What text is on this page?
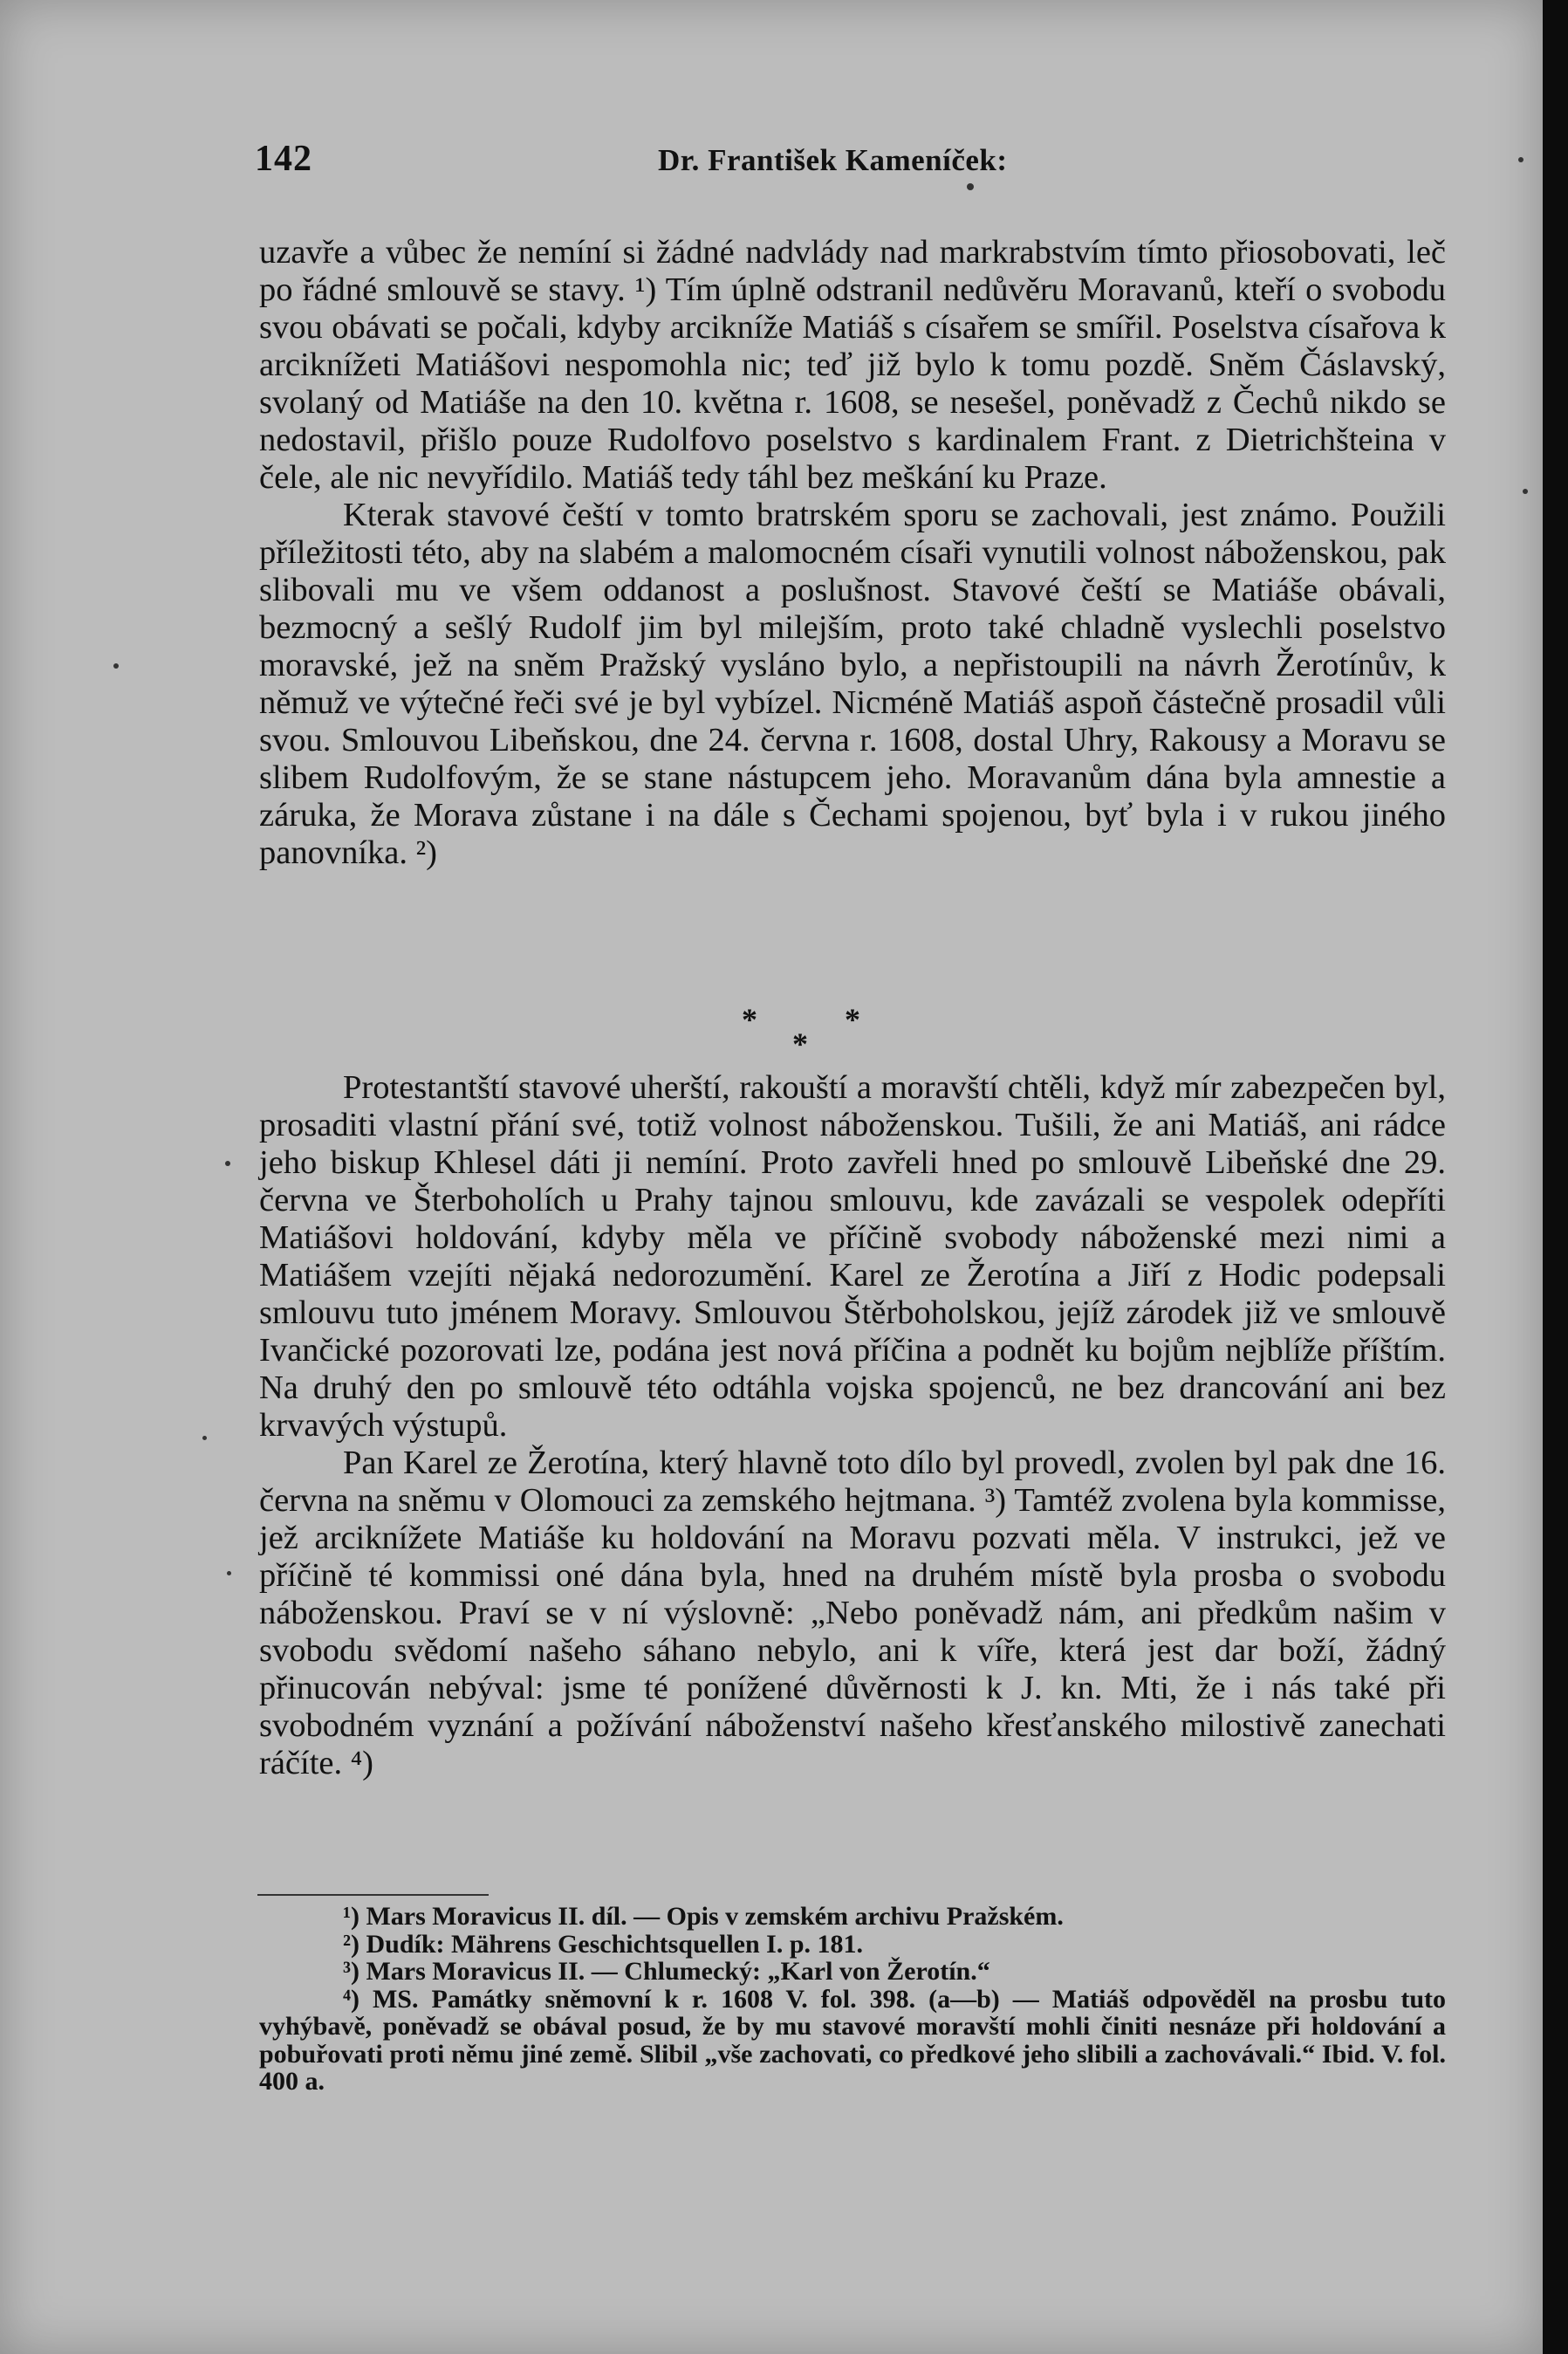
142	Dr. František Kameníček:

uzavře a vůbec že nemíní si žádné nadvlády nad markrabstvím tímto přiosobovati, leč po řádné smlouvě se stavy. ¹) Tím úplně odstranil nedůvěru Moravanů, kteří o svobodu svou obávati se počali, kdyby arcikníže Matiáš s císařem se smířil. Poselstva císařova k arciknížeti Matiášovi nespomohla nic; teď již bylo k tomu pozdě. Sněm Čáslavský, svolaný od Matiáše na den 10. května r. 1608, se nesešel, poněvadž z Čechů nikdo se nedostavil, přišlo pouze Rudolfovo poselstvo s kardinalem Frant. z Dietrichšteina v čele, ale nic nevyřídilo. Matiáš tedy táhl bez meškání ku Praze.

Kterak stavové čeští v tomto bratrském sporu se zachovali, jest známo. Použili příležitosti této, aby na slabém a malomocném císaři vynutili volnost náboženskou, pak slibovali mu ve všem oddanost a poslušnost. Stavové čeští se Matiáše obávali, bezmocný a sešlý Rudolf jim byl milejším, proto také chladně vyslechli poselstvo moravské, jež na sněm Pražský vysláno bylo, a nepřistoupili na návrh Žerotínův, k němuž ve výtečné řeči své je byl vybízel. Nicméně Matiáš aspoň částečně prosadil vůli svou. Smlouvou Libeňskou, dne 24. června r. 1608, dostal Uhry, Rakousy a Moravu se slibem Rudolfovým, že se stane nástupcem jeho. Moravanům dána byla amnestie a záruka, že Morava zůstane i na dále s Čechami spojenou, byť byla i v rukou jiného panovníka. ²)

*	*
*

Protestantští stavové uherští, rakouští a moravští chtěli, když mír zabezpečen byl, prosaditi vlastní přání své, totiž volnost náboženskou. Tušili, že ani Matiáš, ani rádce jeho biskup Khlesel dáti ji nemíní. Proto zavřeli hned po smlouvě Libeňské dne 29. června ve Šterboholích u Prahy tajnou smlouvu, kde zavázali se vespolek odepříti Matiášovi holdování, kdyby měla ve příčině svobody náboženské mezi nimi a Matiášem vzejíti nějaká nedorozumění. Karel ze Žerotína a Jiří z Hodic podepsali smlouvu tuto jménem Moravy. Smlouvou Štěrboholskou, jejíž zárodek již ve smlouvě Ivančické pozorovati lze, podána jest nová příčina a podnět ku bojům nejblíže příštím. Na druhý den po smlouvě této odtáhla vojska spojenců, ne bez drancování ani bez krvavých výstupů.

Pan Karel ze Žerotína, který hlavně toto dílo byl provedl, zvolen byl pak dne 16. června na sněmu v Olomouci za zemského hejtmana. ³) Tamtéž zvolena byla kommisse, jež arciknížete Matiáše ku holdování na Moravu pozvati měla. V instrukci, jež ve příčině té kommissi oné dána byla, hned na druhém místě byla prosba o svobodu náboženskou. Praví se v ní výslovně: „Nebo poněvadž nám, ani předkům našim v svobodu svědomí našeho sáhano nebylo, ani k víře, která jest dar boží, žádný přinucován nebýval: jsme té ponížené důvěrnosti k J. kn. Mti, že i nás také při svobodném vyznání a požívání náboženství našeho křesťanského milostivě zanechati ráčíte. ⁴)

¹) Mars Moravicus II. díl. — Opis v zemském archivu Pražském.

²) Dudík: Mährens Geschichtsquellen I. p. 181.

³) Mars Moravicus II. — Chlumecký: „Karl von Žerotín.“

⁴) MS. Památky sněmovní k r. 1608 V. fol. 398. (a—b) — Matiáš odpověděl na prosbu tuto vyhýbavě, poněvadž se obával posud, že by mu stavové moravští mohli činiti nesnáze při holdování a pobuřovati proti němu jiné země. Slibil „vše zachovati, co předkové jeho slibili a zachovávali.“ Ibid. V. fol. 400 a.
